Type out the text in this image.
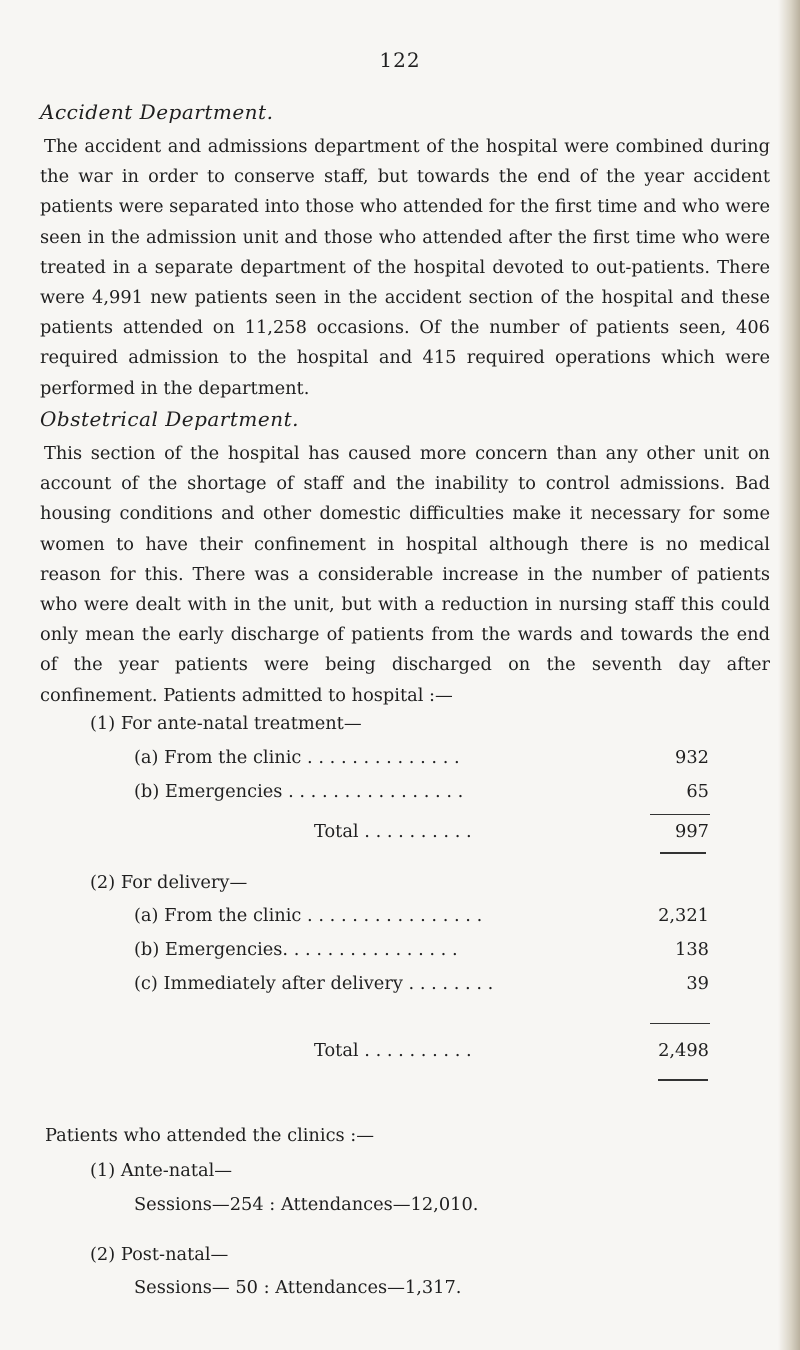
122
Accident Department.

The accident and admissions department of the hospital were combined during the war in order to conserve staff, but towards the end of the year accident patients were separated into those who attended for the first time and who were seen in the admission unit and those who attended after the first time who were treated in a separate department of the hospital devoted to out-patients. There were 4,991 new patients seen in the accident section of the hospital and these patients attended on 11,258 occasions. Of the number of patients seen, 406 required admission to the hospital and 415 required operations which were performed in the department.

Obstetrical Department.

This section of the hospital has caused more concern than any other unit on account of the shortage of staff and the inability to control admissions. Bad housing conditions and other domestic difficulties make it necessary for some women to have their confinement in hospital although there is no medical reason for this. There was a considerable increase in the number of patients who were dealt with in the unit, but with a reduction in nursing staff this could only mean the early discharge of patients from the wards and towards the end of the year patients were being discharged on the seventh day after confinement. Patients admitted to hospital :—

(1) For ante-natal treatment—
(a) From the clinic . . . . . . . . . . . . . .	932
(b) Emergencies . . . . . . . . . . . . . . . .	65
Total . . . . . . . . . .	997
(2) For delivery—
(a) From the clinic . . . . . . . . . . . . . . . .	2,321
(b) Emergencies. . . . . . . . . . . . . . . .	138
(c) Immediately after delivery . . . . . . . .	39
Total . . . . . . . . . .	2,498
Patients who attended the clinics :—
(1) Ante-natal—
Sessions—254 : Attendances—12,010.
(2) Post-natal—
Sessions— 50 : Attendances—1,317.
